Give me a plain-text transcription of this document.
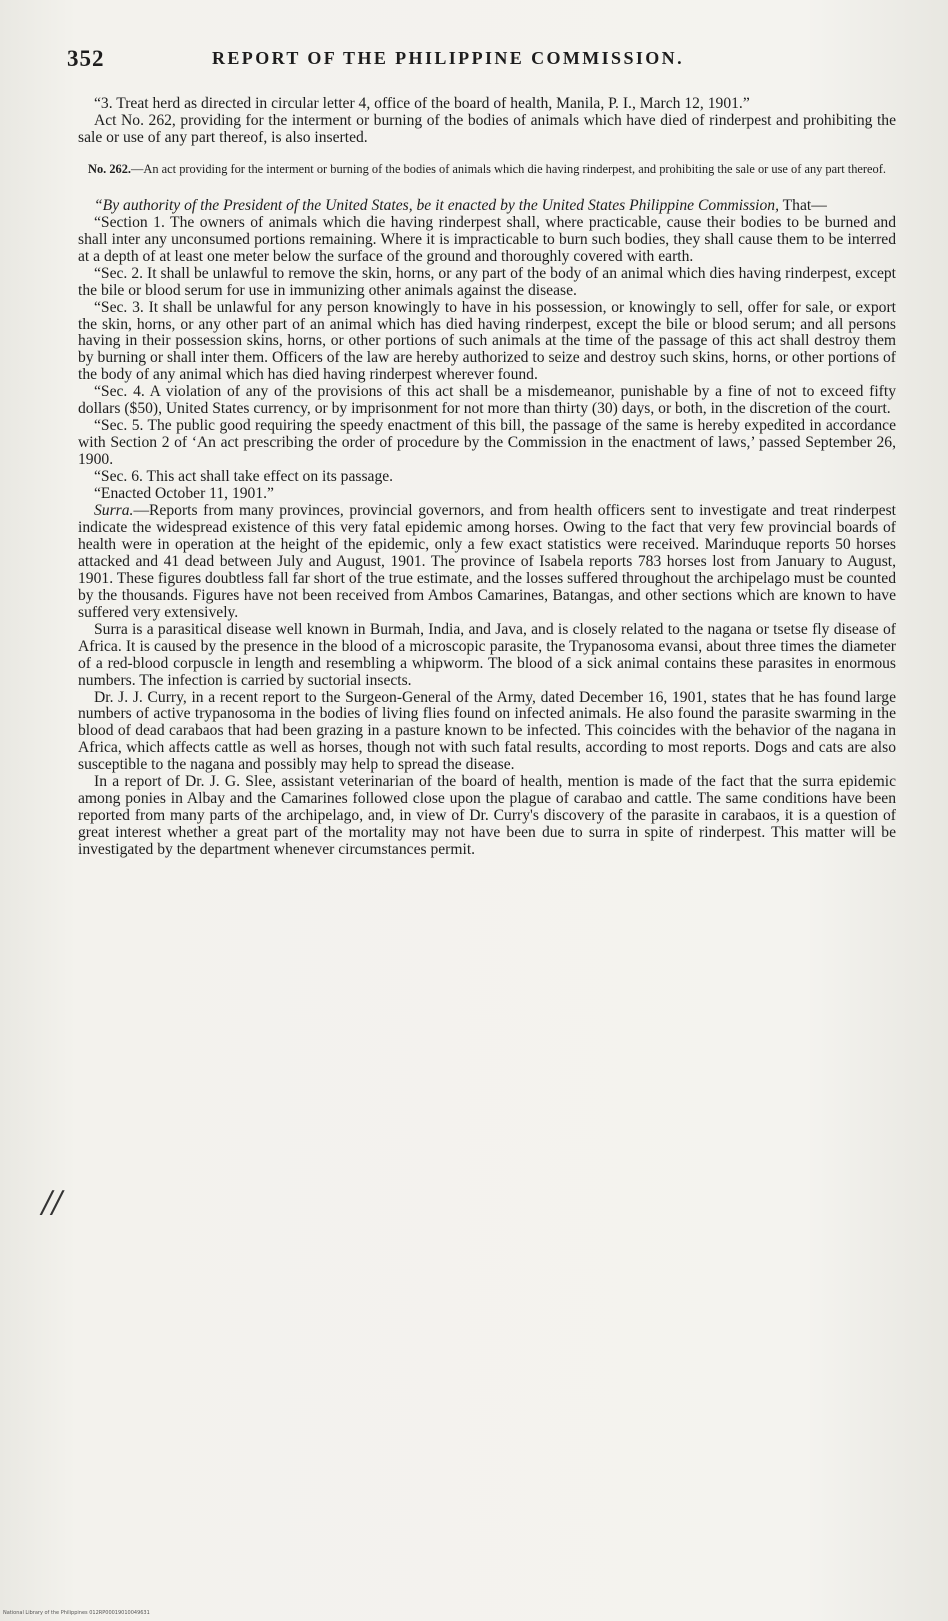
352	REPORT OF THE PHILIPPINE COMMISSION.
//

“3. Treat herd as directed in circular letter 4, office of the board of health, Manila, P. I., March 12, 1901.”

Act No. 262, providing for the interment or burning of the bodies of animals which have died of rinderpest and prohibiting the sale or use of any part thereof, is also inserted.

No. 262.—An act providing for the interment or burning of the bodies of animals which die having rinderpest, and prohibiting the sale or use of any part thereof.

“By authority of the President of the United States, be it enacted by the United States Philippine Commission, That—

“Section 1. The owners of animals which die having rinderpest shall, where practicable, cause their bodies to be burned and shall inter any unconsumed portions remaining. Where it is impracticable to burn such bodies, they shall cause them to be interred at a depth of at least one meter below the surface of the ground and thoroughly covered with earth.

“Sec. 2. It shall be unlawful to remove the skin, horns, or any part of the body of an animal which dies having rinderpest, except the bile or blood serum for use in immunizing other animals against the disease.

“Sec. 3. It shall be unlawful for any person knowingly to have in his possession, or knowingly to sell, offer for sale, or export the skin, horns, or any other part of an animal which has died having rinderpest, except the bile or blood serum; and all persons having in their possession skins, horns, or other portions of such animals at the time of the passage of this act shall destroy them by burning or shall inter them. Officers of the law are hereby authorized to seize and destroy such skins, horns, or other portions of the body of any animal which has died having rinderpest wherever found.

“Sec. 4. A violation of any of the provisions of this act shall be a misdemeanor, punishable by a fine of not to exceed fifty dollars ($50), United States currency, or by imprisonment for not more than thirty (30) days, or both, in the discretion of the court.

“Sec. 5. The public good requiring the speedy enactment of this bill, the passage of the same is hereby expedited in accordance with Section 2 of ‘An act prescribing the order of procedure by the Commission in the enactment of laws,’ passed September 26, 1900.

“Sec. 6. This act shall take effect on its passage.

“Enacted October 11, 1901.”

Surra.—Reports from many provinces, provincial governors, and from health officers sent to investigate and treat rinderpest indicate the widespread existence of this very fatal epidemic among horses. Owing to the fact that very few provincial boards of health were in operation at the height of the epidemic, only a few exact statistics were received. Marinduque reports 50 horses attacked and 41 dead between July and August, 1901. The province of Isabela reports 783 horses lost from January to August, 1901. These figures doubtless fall far short of the true estimate, and the losses suffered throughout the archipelago must be counted by the thousands. Figures have not been received from Ambos Camarines, Batangas, and other sections which are known to have suffered very extensively.

Surra is a parasitical disease well known in Burmah, India, and Java, and is closely related to the nagana or tsetse fly disease of Africa. It is caused by the presence in the blood of a microscopic parasite, the Trypanosoma evansi, about three times the diameter of a red-blood corpuscle in length and resembling a whipworm. The blood of a sick animal contains these parasites in enormous numbers. The infection is carried by suctorial insects.

Dr. J. J. Curry, in a recent report to the Surgeon-General of the Army, dated December 16, 1901, states that he has found large numbers of active trypanosoma in the bodies of living flies found on infected animals. He also found the parasite swarming in the blood of dead carabaos that had been grazing in a pasture known to be infected. This coincides with the behavior of the nagana in Africa, which affects cattle as well as horses, though not with such fatal results, according to most reports. Dogs and cats are also susceptible to the nagana and possibly may help to spread the disease.

In a report of Dr. J. G. Slee, assistant veterinarian of the board of health, mention is made of the fact that the surra epidemic among ponies in Albay and the Camarines followed close upon the plague of carabao and cattle. The same conditions have been reported from many parts of the archipelago, and, in view of Dr. Curry's discovery of the parasite in carabaos, it is a question of great interest whether a great part of the mortality may not have been due to surra in spite of rinderpest. This matter will be investigated by the department whenever circumstances permit.

National Library of the Philippines 012RP00019010049631
